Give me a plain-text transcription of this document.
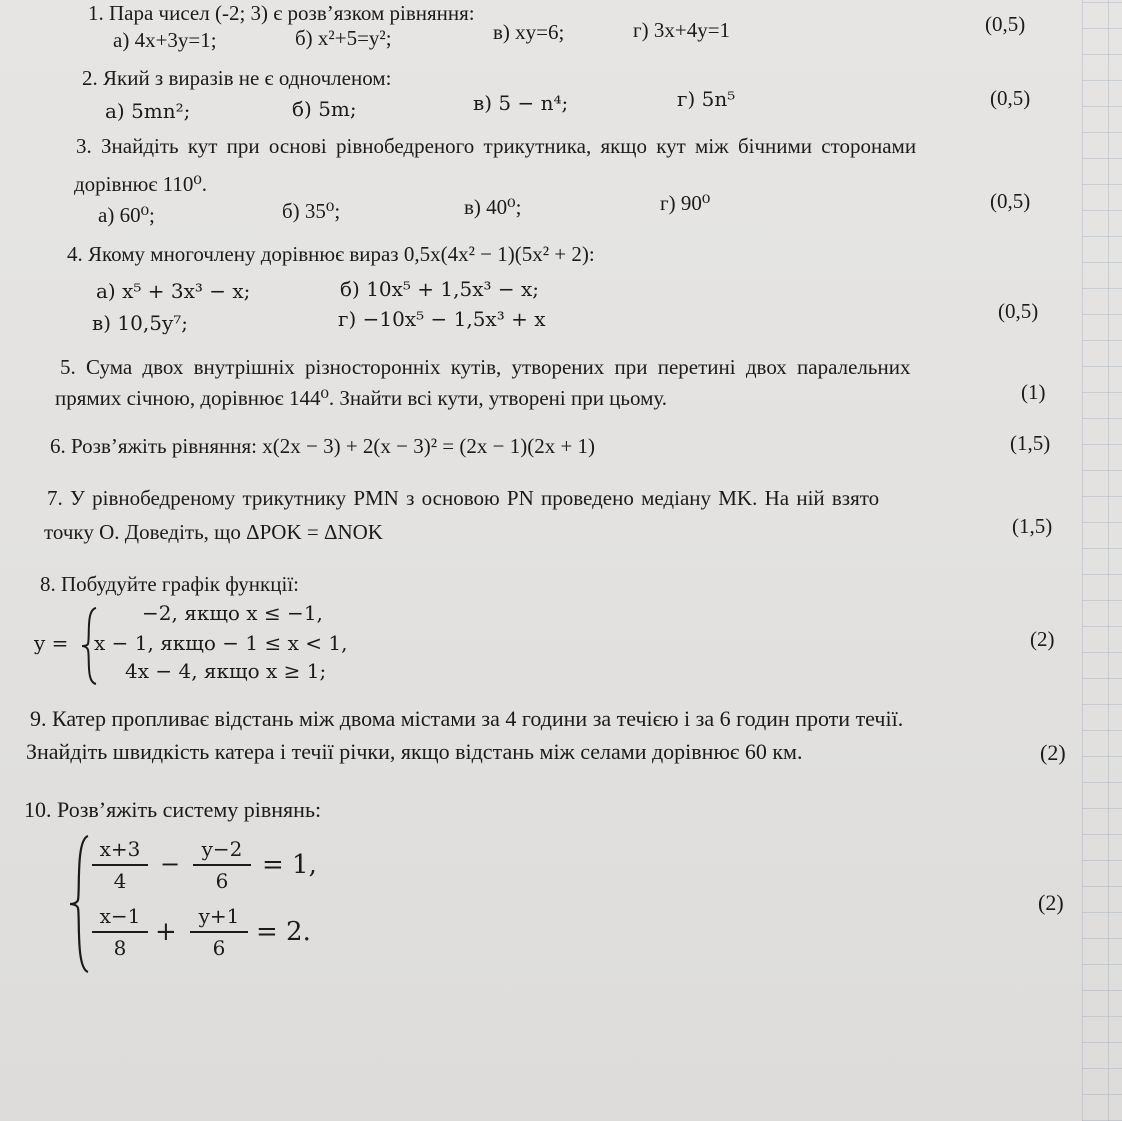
1. Пара чисел (-2; 3) є розв’язком рівняння:
а) 4x+3y=1;	б) x²+5=y²;	в) xy=6;	г) 3x+4y=1	(0,5)
2. Який з виразів не є одночленом:
а) 5mn²;	б) 5m;	в) 5 − n⁴;	г) 5n⁵	(0,5)
3. Знайдіть кут при основі рівнобедреного трикутника, якщо кут між бічними сторонами
дорівнює 110⁰.
а) 60⁰;	б) 35⁰;	в) 40⁰;	г) 90⁰	(0,5)
4. Якому многочлену дорівнює вираз 0,5x(4x² − 1)(5x² + 2):
а) x⁵ + 3x³ − x;	б) 10x⁵ + 1,5x³ − x;
в) 10,5y⁷;	г) −10x⁵ − 1,5x³ + x	(0,5)
5. Сума двох внутрішніх різносторонніх кутів, утворених при перетині двох паралельних
прямих січною, дорівнює 144⁰. Знайти всі кути, утворені при цьому.	(1)
6. Розв’яжіть рівняння: x(2x − 3) + 2(x − 3)² = (2x − 1)(2x + 1)	(1,5)
7. У рівнобедреному трикутнику PMN з основою PN проведено медіану MK. На ній взято
точку O. Доведіть, що ΔPOK = ΔNOK	(1,5)
8. Побудуйте графік функції:
y =
−2, якщо x ≤ −1,
x − 1, якщо − 1 ≤ x < 1,
4x − 4, якщо x ≥ 1;
(2)
9. Катер пропливає відстань між двома містами за 4 години за течією і за 6 годин проти течії.
Знайдіть швидкість катера і течії річки, якщо відстань між селами дорівнює 60 км.	(2)
10. Розв’яжіть систему рівнянь:
x+3
4
−
y−2
6
= 1,
x−1
8
+
y+1
6
= 2.
(2)
